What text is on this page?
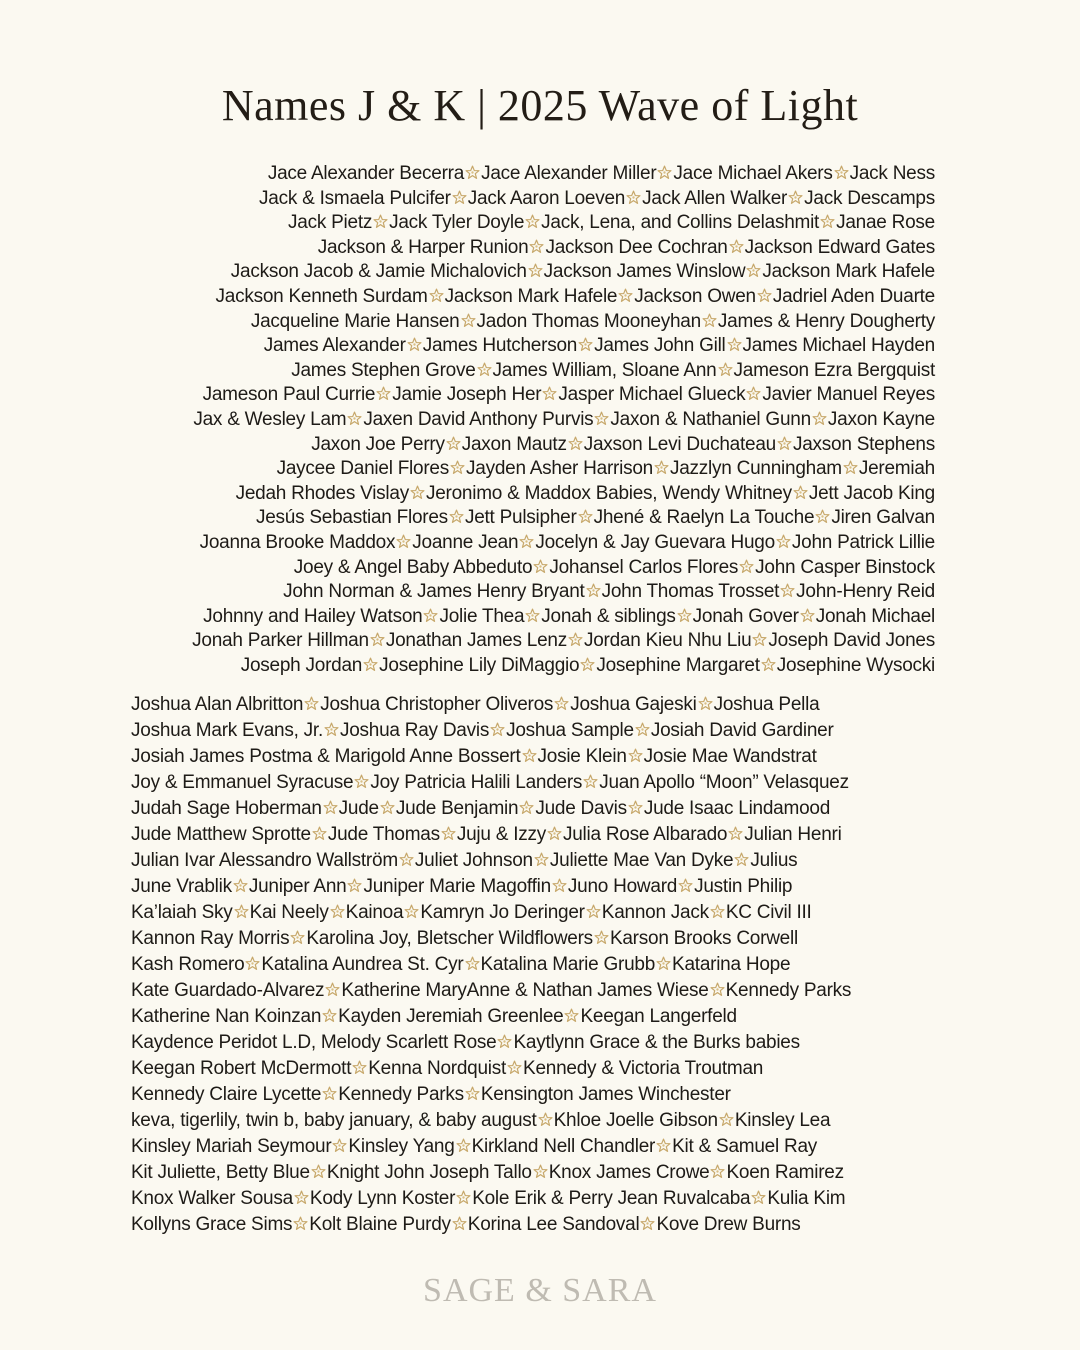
Names J & K | 2025 Wave of Light
Jace Alexander Becerra Jace Alexander Miller Jace Michael Akers Jack Ness
Jack & Ismaela Pulcifer Jack Aaron Loeven Jack Allen Walker Jack Descamps
Jack Pietz Jack Tyler Doyle Jack, Lena, and Collins Delashmit Janae Rose
Jackson & Harper Runion Jackson Dee Cochran Jackson Edward Gates
Jackson Jacob & Jamie Michalovich Jackson James Winslow Jackson Mark Hafele
Jackson Kenneth Surdam Jackson Mark Hafele Jackson Owen Jadriel Aden Duarte
Jacqueline Marie Hansen Jadon Thomas Mooneyhan James & Henry Dougherty
James Alexander James Hutcherson James John Gill James Michael Hayden
James Stephen Grove James William, Sloane Ann Jameson Ezra Bergquist
Jameson Paul Currie Jamie Joseph Her Jasper Michael Glueck Javier Manuel Reyes
Jax & Wesley Lam Jaxen David Anthony Purvis Jaxon & Nathaniel Gunn Jaxon Kayne
Jaxon Joe Perry Jaxon Mautz Jaxson Levi Duchateau Jaxson Stephens
Jaycee Daniel Flores Jayden Asher Harrison Jazzlyn Cunningham Jeremiah
Jedah Rhodes Vislay Jeronimo & Maddox Babies, Wendy Whitney Jett Jacob King
Jesús Sebastian Flores Jett Pulsipher Jhené & Raelyn La Touche Jiren Galvan
Joanna Brooke Maddox Joanne Jean Jocelyn & Jay Guevara Hugo John Patrick Lillie
Joey & Angel Baby Abbeduto Johansel Carlos Flores John Casper Binstock
John Norman & James Henry Bryant John Thomas Trosset John-Henry Reid
Johnny and Hailey Watson Jolie Thea Jonah & siblings Jonah Gover Jonah Michael
Jonah Parker Hillman Jonathan James Lenz Jordan Kieu Nhu Liu Joseph David Jones
Joseph Jordan Josephine Lily DiMaggio Josephine Margaret Josephine Wysocki
Joshua Alan Albritton Joshua Christopher Oliveros Joshua Gajeski Joshua Pella
Joshua Mark Evans, Jr. Joshua Ray Davis Joshua Sample Josiah David Gardiner
Josiah James Postma & Marigold Anne Bossert Josie Klein Josie Mae Wandstrat
Joy & Emmanuel Syracuse Joy Patricia Halili Landers Juan Apollo “Moon” Velasquez
Judah Sage Hoberman Jude Jude Benjamin Jude Davis Jude Isaac Lindamood
Jude Matthew Sprotte Jude Thomas Juju & Izzy Julia Rose Albarado Julian Henri
Julian Ivar Alessandro Wallström Juliet Johnson Juliette Mae Van Dyke Julius
June Vrablik Juniper Ann Juniper Marie Magoffin Juno Howard Justin Philip
Ka’laiah Sky Kai Neely Kainoa Kamryn Jo Deringer Kannon Jack KC Civil III
Kannon Ray Morris Karolina Joy, Bletscher Wildflowers Karson Brooks Corwell
Kash Romero Katalina Aundrea St. Cyr Katalina Marie Grubb Katarina Hope
Kate Guardado-Alvarez Katherine MaryAnne & Nathan James Wiese Kennedy Parks
Katherine Nan Koinzan Kayden Jeremiah Greenlee Keegan Langerfeld
Kaydence Peridot L.D, Melody Scarlett Rose Kaytlynn Grace & the Burks babies
Keegan Robert McDermott Kenna Nordquist Kennedy & Victoria Troutman
Kennedy Claire Lycette Kennedy Parks Kensington James Winchester
keva, tigerlily, twin b, baby january, & baby august Khloe Joelle Gibson Kinsley Lea
Kinsley Mariah Seymour Kinsley Yang Kirkland Nell Chandler Kit & Samuel Ray
Kit Juliette, Betty Blue Knight John Joseph Tallo Knox James Crowe Koen Ramirez
Knox Walker Sousa Kody Lynn Koster Kole Erik & Perry Jean Ruvalcaba Kulia Kim
Kollyns Grace Sims Kolt Blaine Purdy Korina Lee Sandoval Kove Drew Burns
SAGE & SARA
